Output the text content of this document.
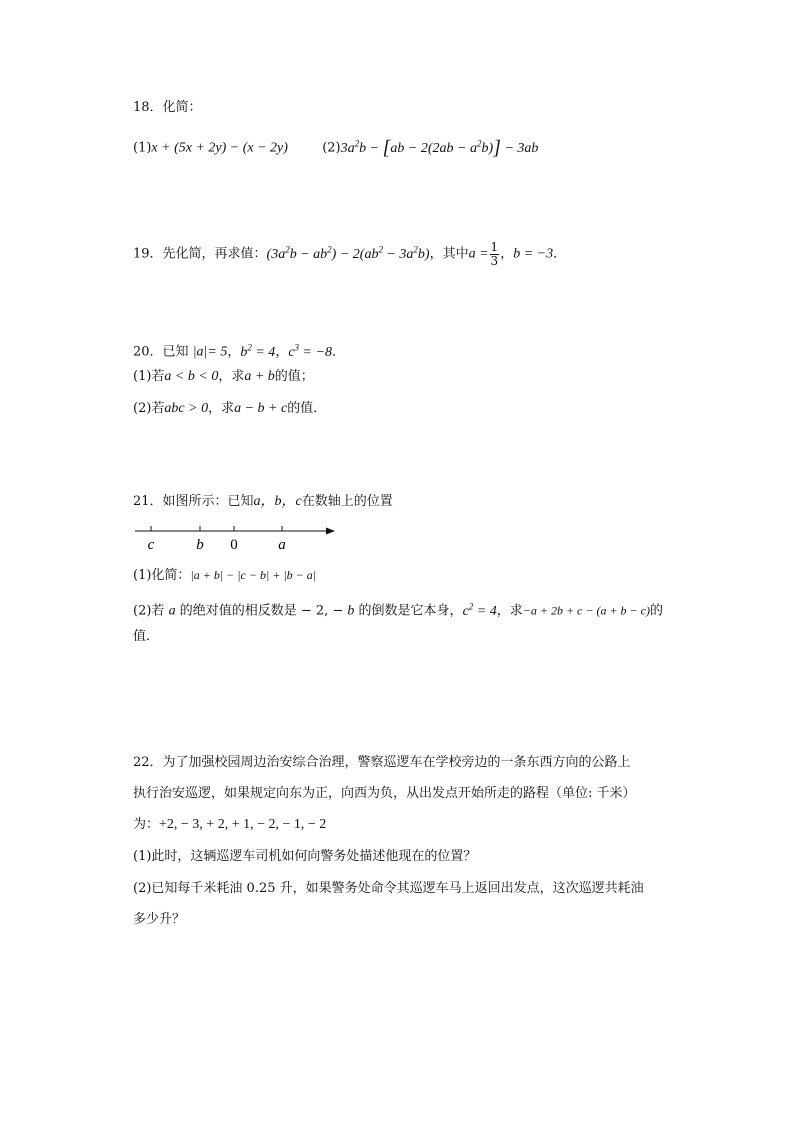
18．化简：
(1)x + (5x + 2y) − (x − 2y)	$(2)3a^2b - [ab - 2(2ab - a^2b)] - 3ab$
19．先化简，再求值：$(3a^2b - ab^2) - 2(ab^2 - 3a^2b)$，其中$a = \frac{1}{3}$ ，b = −3．
20．已知 |a|= 5，$b^2 = 4$，$c^3 = -8$．
(1)若a < b < 0，求a + b的值；
(2)若abc > 0，求a − b + c的值．
21．如图所示：已知a，b，c在数轴上的位置
c	b 0	a
(1)化简：|a + b| − |c − b| + |b − a|
(2)若 a 的绝对值的相反数是 − 2, − b 的倒数是它本身，$c^2 = 4$，求−a + 2b + c − (a + b − c)的
值．
22．为了加强校园周边治安综合治理，警察巡逻车在学校旁边的一条东西方向的公路上
执行治安巡逻，如果规定向东为正，向西为负，从出发点开始所走的路程（单位: 千米）
为：+2, − 3, + 2, + 1, − 2, − 1, − 2
(1)此时，这辆巡逻车司机如何向警务处描述他现在的位置？
(2)已知每千米耗油 0.25 升，如果警务处命令其巡逻车马上返回出发点，这次巡逻共耗油
多少升？
